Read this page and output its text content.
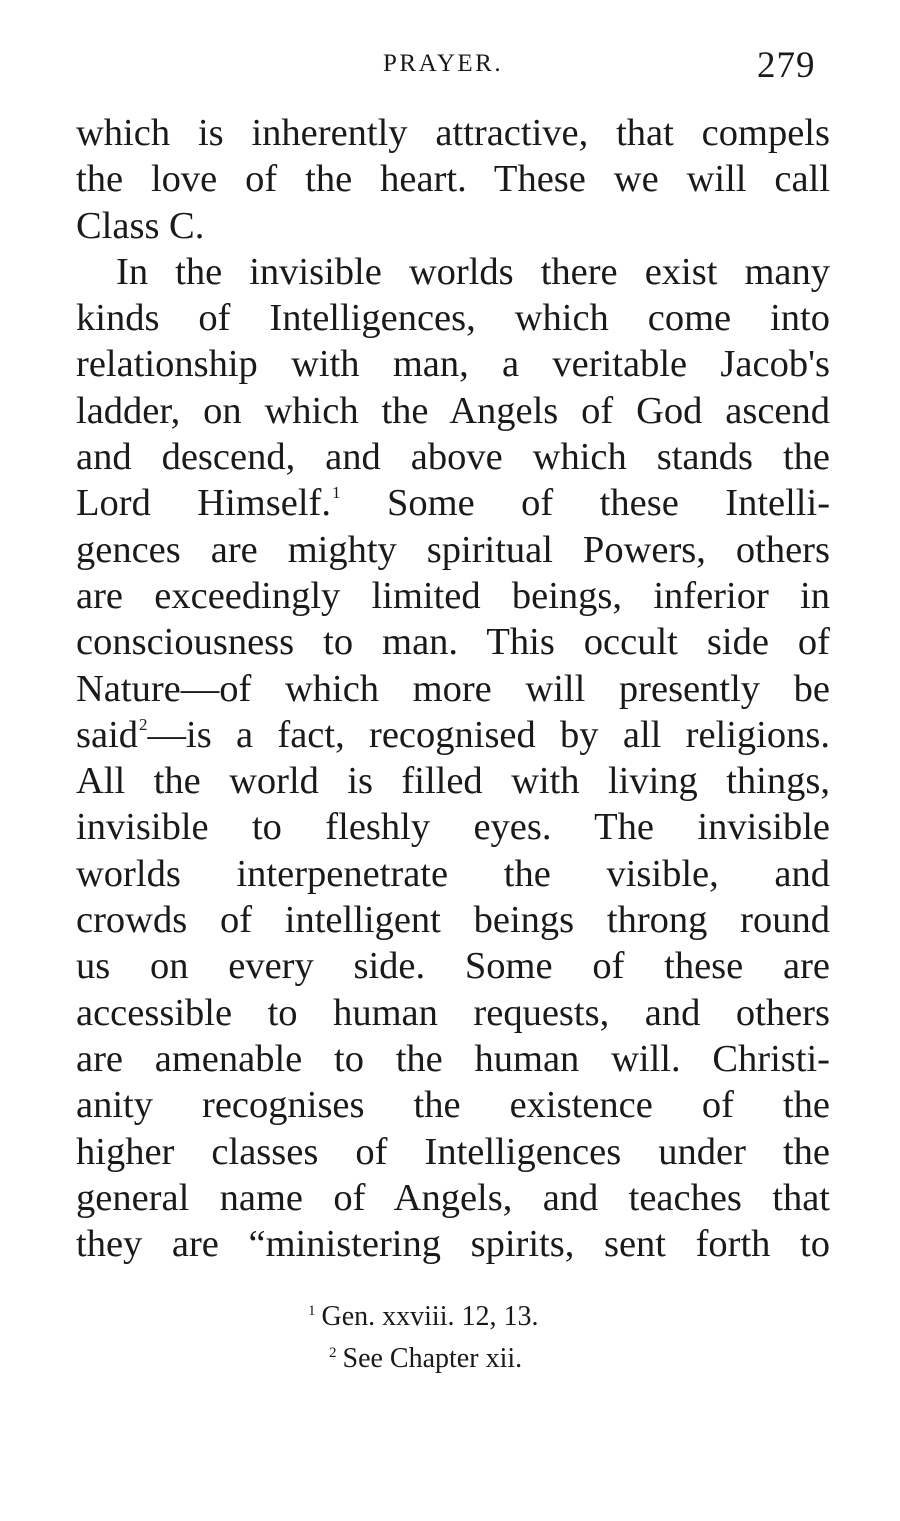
PRAYER.	279
which is inherently attractive, that compels
the love of the heart. These we will call
Class C.
In the invisible worlds there exist many
kinds of Intelligences, which come into
relationship with man, a veritable Jacob's
ladder, on which the Angels of God ascend
and descend, and above which stands the
Lord Himself.$^1$ Some of these Intelli-
gences are mighty spiritual Powers, others
are exceedingly limited beings, inferior in
consciousness to man. This occult side of
Nature—of which more will presently be
said$^2$—is a fact, recognised by all religions.
All the world is filled with living things,
invisible to fleshly eyes. The invisible
worlds interpenetrate the visible, and
crowds of intelligent beings throng round
us on every side. Some of these are
accessible to human requests, and others
are amenable to the human will. Christi-
anity recognises the existence of the
higher classes of Intelligences under the
general name of Angels, and teaches that
they are “ministering spirits, sent forth to
$^1$ Gen. xxviii. 12, 13.
$^2$ See Chapter xii.
